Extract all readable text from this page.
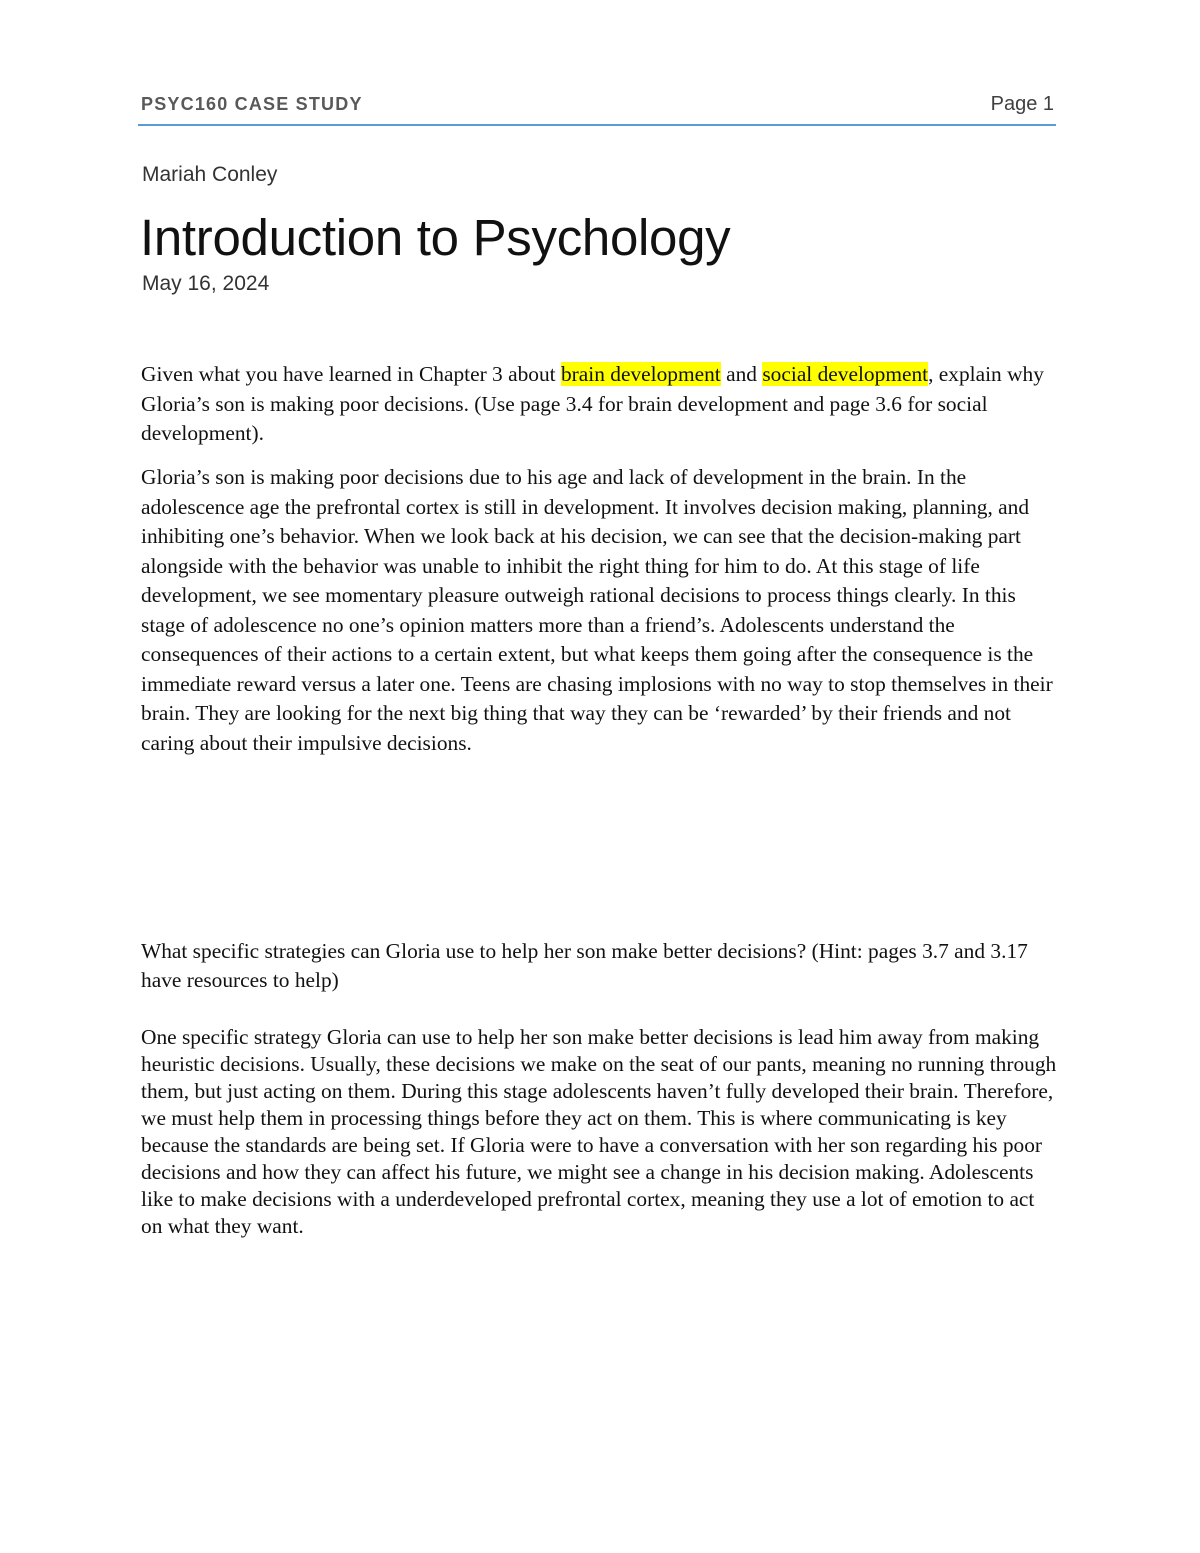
PSYC160 CASE STUDY	Page 1
Mariah Conley
Introduction to Psychology
May 16, 2024

Given what you have learned in Chapter 3 about brain development and social development, explain why Gloria’s son is making poor decisions. (Use page 3.4 for brain development and page 3.6 for social development).

Gloria’s son is making poor decisions due to his age and lack of development in the brain. In the adolescence age the prefrontal cortex is still in development. It involves decision making, planning, and inhibiting one’s behavior. When we look back at his decision, we can see that the decision-making part alongside with the behavior was unable to inhibit the right thing for him to do. At this stage of life development, we see momentary pleasure outweigh rational decisions to process things clearly. In this stage of adolescence no one’s opinion matters more than a friend’s. Adolescents understand the consequences of their actions to a certain extent, but what keeps them going after the consequence is the immediate reward versus a later one. Teens are chasing implosions with no way to stop themselves in their brain. They are looking for the next big thing that way they can be ‘rewarded’ by their friends and not caring about their impulsive decisions.

What specific strategies can Gloria use to help her son make better decisions? (Hint: pages 3.7 and 3.17 have resources to help)

One specific strategy Gloria can use to help her son make better decisions is lead him away from making heuristic decisions. Usually, these decisions we make on the seat of our pants, meaning no running through them, but just acting on them. During this stage adolescents haven’t fully developed their brain. Therefore, we must help them in processing things before they act on them. This is where communicating is key because the standards are being set. If Gloria were to have a conversation with her son regarding his poor decisions and how they can affect his future, we might see a change in his decision making. Adolescents like to make decisions with a underdeveloped prefrontal cortex, meaning they use a lot of emotion to act on what they want.
